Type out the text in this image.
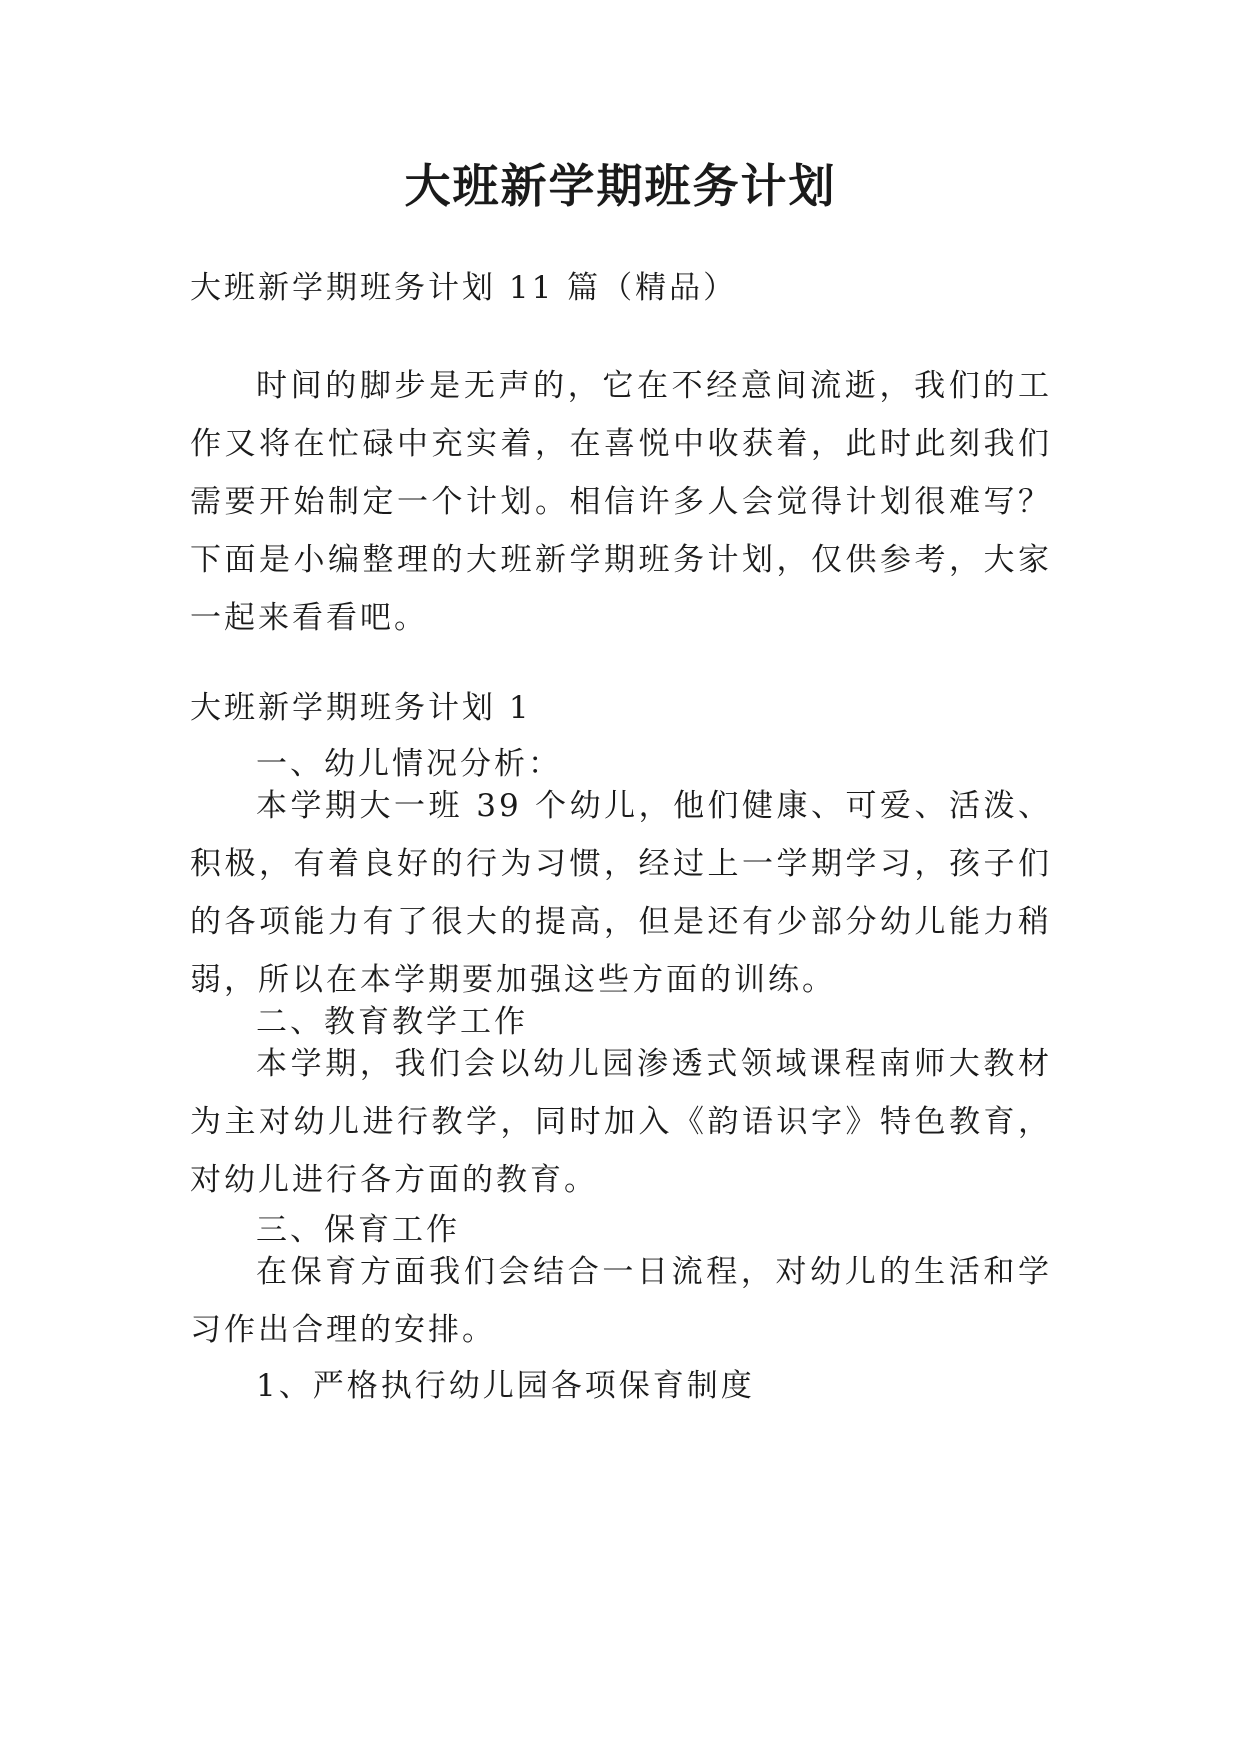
大班新学期班务计划
大班新学期班务计划 11 篇（精品）
时间的脚步是无声的，它在不经意间流逝，我们的工作又将在忙碌中充实着，在喜悦中收获着，此时此刻我们需要开始制定一个计划。相信许多人会觉得计划很难写？下面是小编整理的大班新学期班务计划，仅供参考，大家一起来看看吧。
大班新学期班务计划 1
一、幼儿情况分析：
本学期大一班 39 个幼儿，他们健康、可爱、活泼、积极，有着良好的行为习惯，经过上一学期学习，孩子们的各项能力有了很大的提高，但是还有少部分幼儿能力稍弱，所以在本学期要加强这些方面的训练。
二、教育教学工作
本学期，我们会以幼儿园渗透式领域课程南师大教材为主对幼儿进行教学，同时加入《韵语识字》特色教育，对幼儿进行各方面的教育。
三、保育工作
在保育方面我们会结合一日流程，对幼儿的生活和学习作出合理的安排。
1、严格执行幼儿园各项保育制度
